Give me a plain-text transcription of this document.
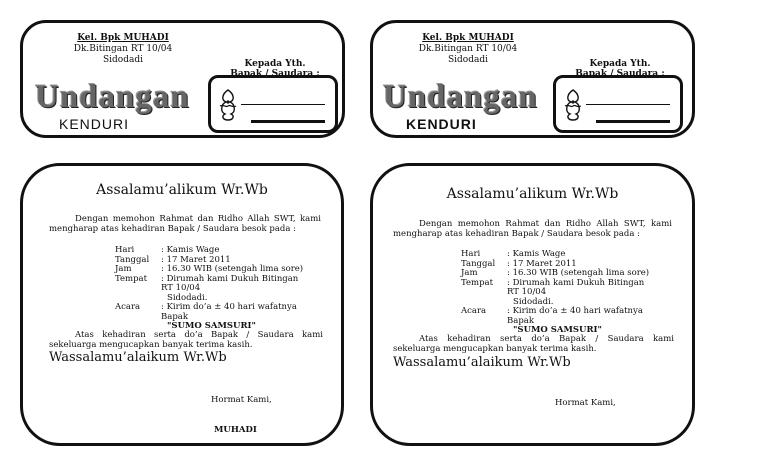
Kel. Bpk MUHADI
Dk.Bitingan RT 10/04
Sidodadi
Undangan
KENDURI
Kepada Yth.
Bapak / Saudara :
Kel. Bpk MUHADI
Dk.Bitingan RT 10/04
Sidodadi
Undangan
KENDURI
Kepada Yth.
Bapak / Saudara :
Assalamu’alikum Wr.Wb
Dengan memohon Rahmat dan Ridho Allah SWT, kami mengharap atas kehadiran Bapak / Saudara besok pada :
Hari	: Kamis Wage
Tanggal	: 17 Maret 2011
Jam	: 16.30 WIB (setengah lima sore)
Tempat	: Dirumah kami Dukuh Bitingan RT 10/04
Sidodadi.
Acara	: Kirim do’a ± 40 hari wafatnya Bapak
"SUMO SAMSURI"
Atas kehadiran serta do’a Bapak / Saudara kami sekeluarga mengucapkan banyak terima kasih.
Wassalamu’alaikum Wr.Wb
Hormat Kami,
MUHADI
Assalamu’alikum Wr.Wb
Dengan memohon Rahmat dan Ridho Allah SWT, kami mengharap atas kehadiran Bapak / Saudara besok pada :
Hari	: Kamis Wage
Tanggal	: 17 Maret 2011
Jam	: 16.30 WIB (setengah lima sore)
Tempat	: Dirumah kami Dukuh Bitingan RT 10/04
Sidodadi.
Acara	: Kirim do’a ± 40 hari wafatnya Bapak
"SUMO SAMSURI"
Atas kehadiran serta do’a Bapak / Saudara kami sekeluarga mengucapkan banyak terima kasih.
Wassalamu’alaikum Wr.Wb
Hormat Kami,
